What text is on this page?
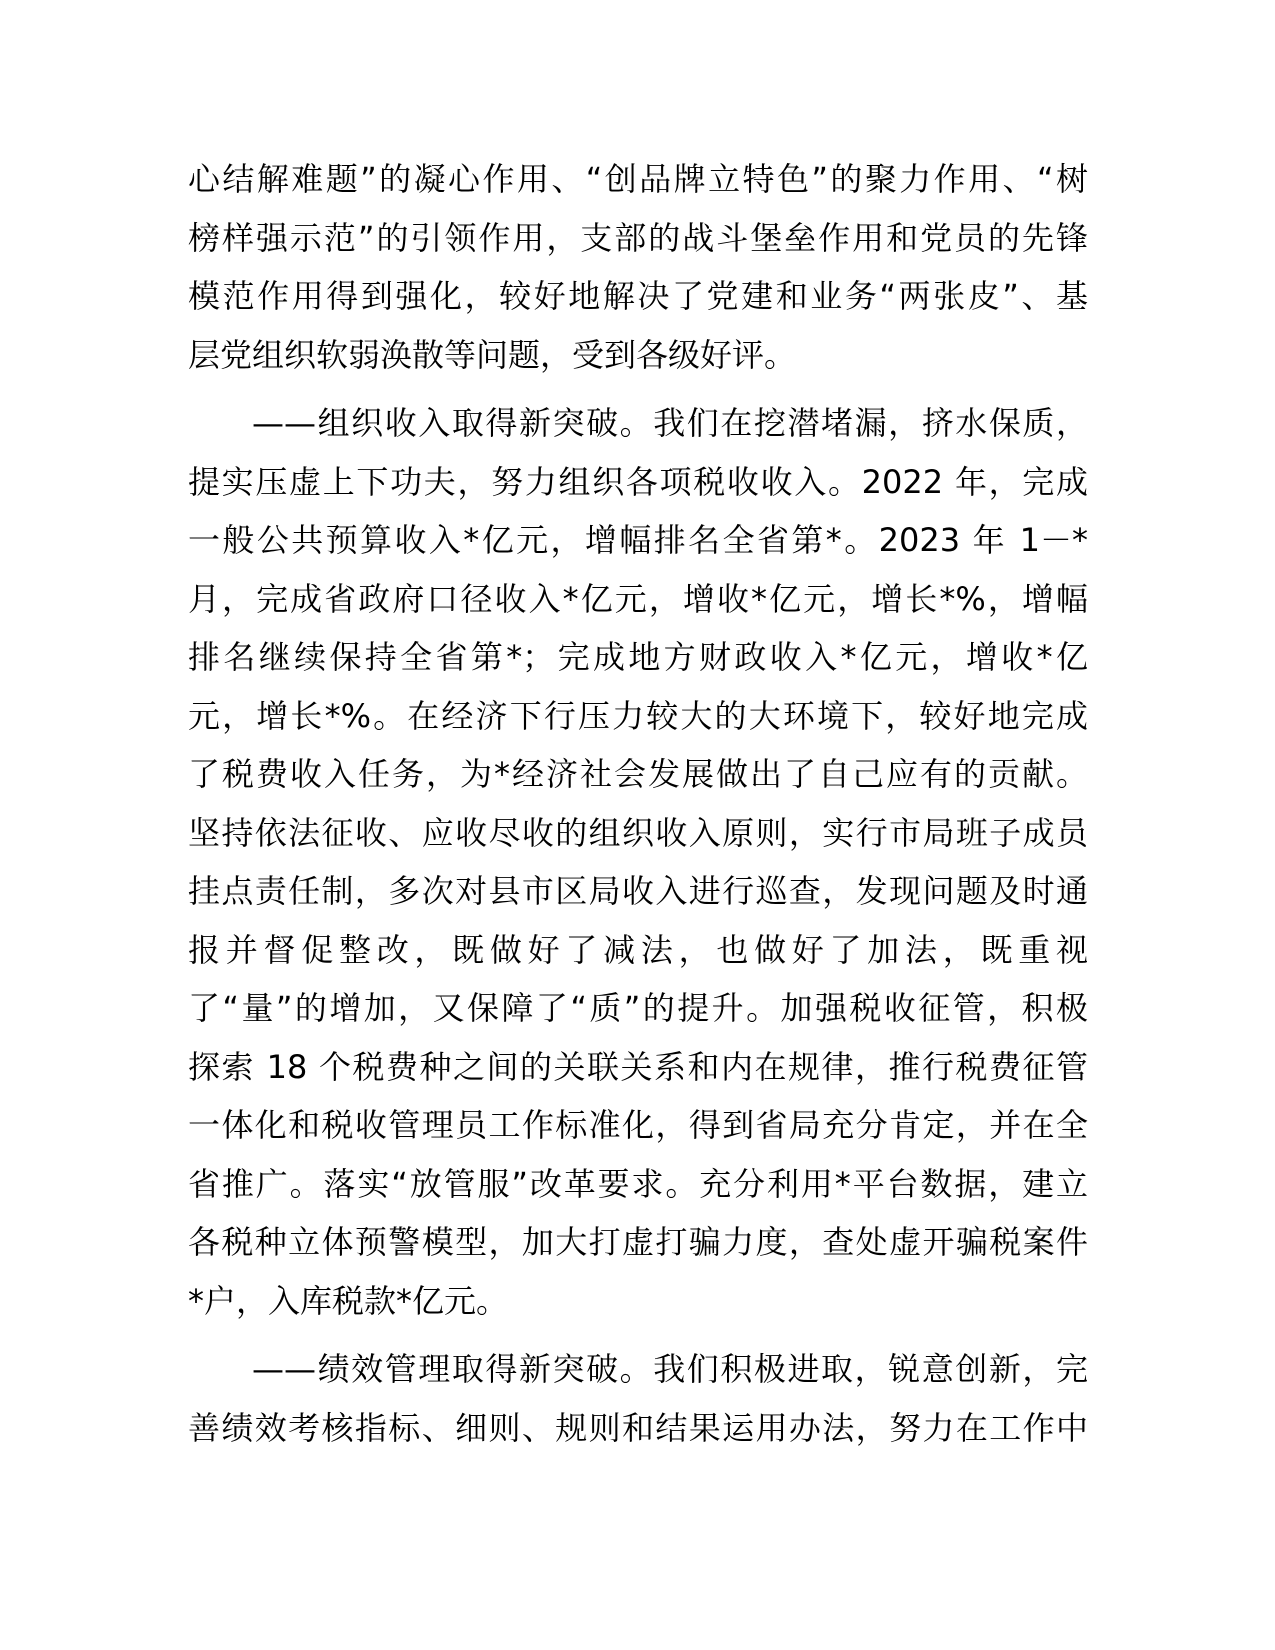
心结解难题”的凝心作用、“创品牌立特色”的聚力作用、“树
榜样强示范”的引领作用，支部的战斗堡垒作用和党员的先锋
模范作用得到强化，较好地解决了党建和业务“两张皮”、基
层党组织软弱涣散等问题，受到各级好评。

——组织收入取得新突破。我们在挖潜堵漏，挤水保质，
提实压虚上下功夫，努力组织各项税收收入。2022 年，完成
一般公共预算收入*亿元，增幅排名全省第*。2023 年 1－*
月，完成省政府口径收入*亿元，增收*亿元，增长*%，增幅
排名继续保持全省第*；完成地方财政收入*亿元，增收*亿
元，增长*%。在经济下行压力较大的大环境下，较好地完成
了税费收入任务，为*经济社会发展做出了自己应有的贡献。
坚持依法征收、应收尽收的组织收入原则，实行市局班子成员
挂点责任制，多次对县市区局收入进行巡查，发现问题及时通
报并督促整改，既做好了减法，也做好了加法，既重视
了“量”的增加，又保障了“质”的提升。加强税收征管，积极
探索 18 个税费种之间的关联关系和内在规律，推行税费征管
一体化和税收管理员工作标准化，得到省局充分肯定，并在全
省推广。落实“放管服”改革要求。充分利用*平台数据，建立
各税种立体预警模型，加大打虚打骗力度，查处虚开骗税案件
*户，入库税款*亿元。

——绩效管理取得新突破。我们积极进取，锐意创新，完
善绩效考核指标、细则、规则和结果运用办法，努力在工作中
